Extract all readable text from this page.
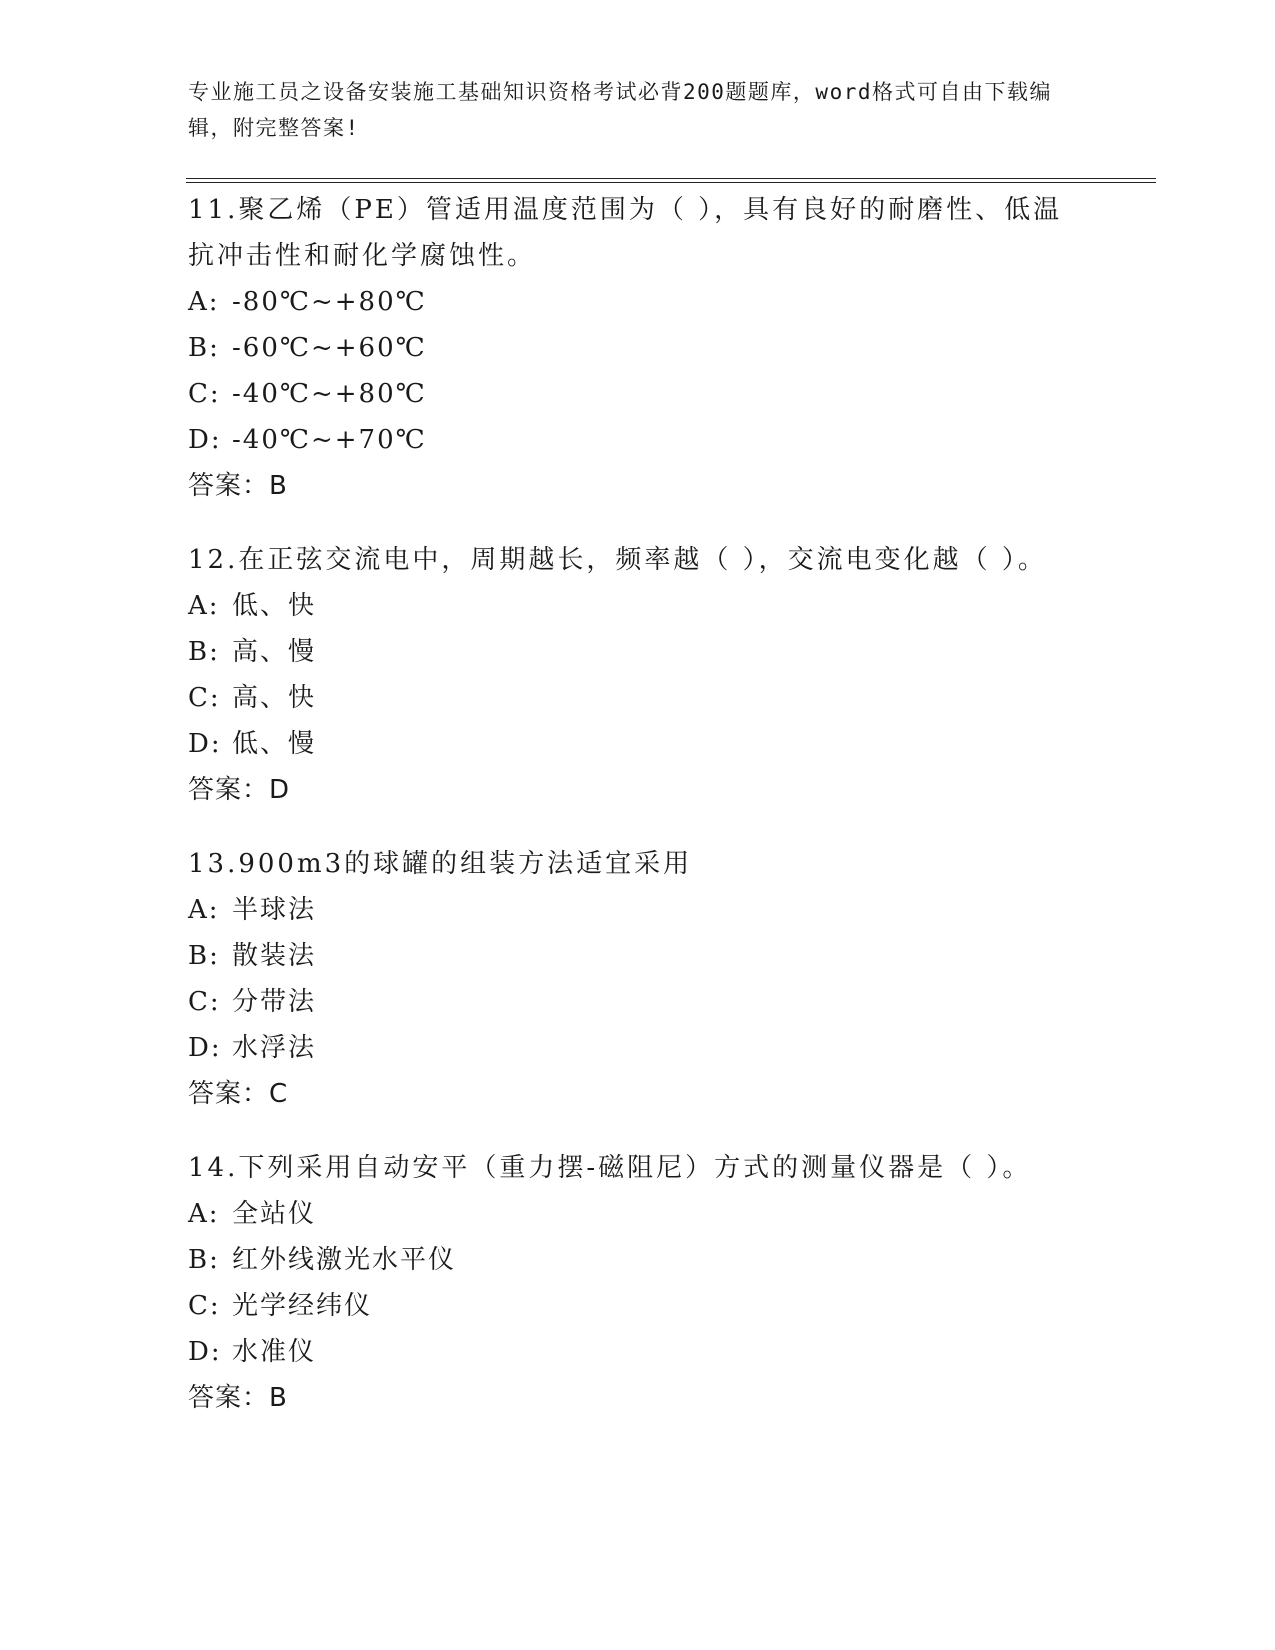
专业施工员之设备安装施工基础知识资格考试必背200题题库，word格式可自由下载编辑，附完整答案!
11.聚乙烯（PE）管适用温度范围为（ ），具有良好的耐磨性、低温抗冲击性和耐化学腐蚀性。
A: -80℃~+80℃
B: -60℃~+60℃
C: -40℃~+80℃
D: -40℃~+70℃
答案：B
12.在正弦交流电中，周期越长，频率越（ ），交流电变化越（ ）。
A: 低、快
B: 高、慢
C: 高、快
D: 低、慢
答案：D
13.900m3的球罐的组装方法适宜采用
A: 半球法
B: 散装法
C: 分带法
D: 水浮法
答案：C
14.下列采用自动安平（重力摆-磁阻尼）方式的测量仪器是（ ）。
A: 全站仪
B: 红外线激光水平仪
C: 光学经纬仪
D: 水准仪
答案：B
